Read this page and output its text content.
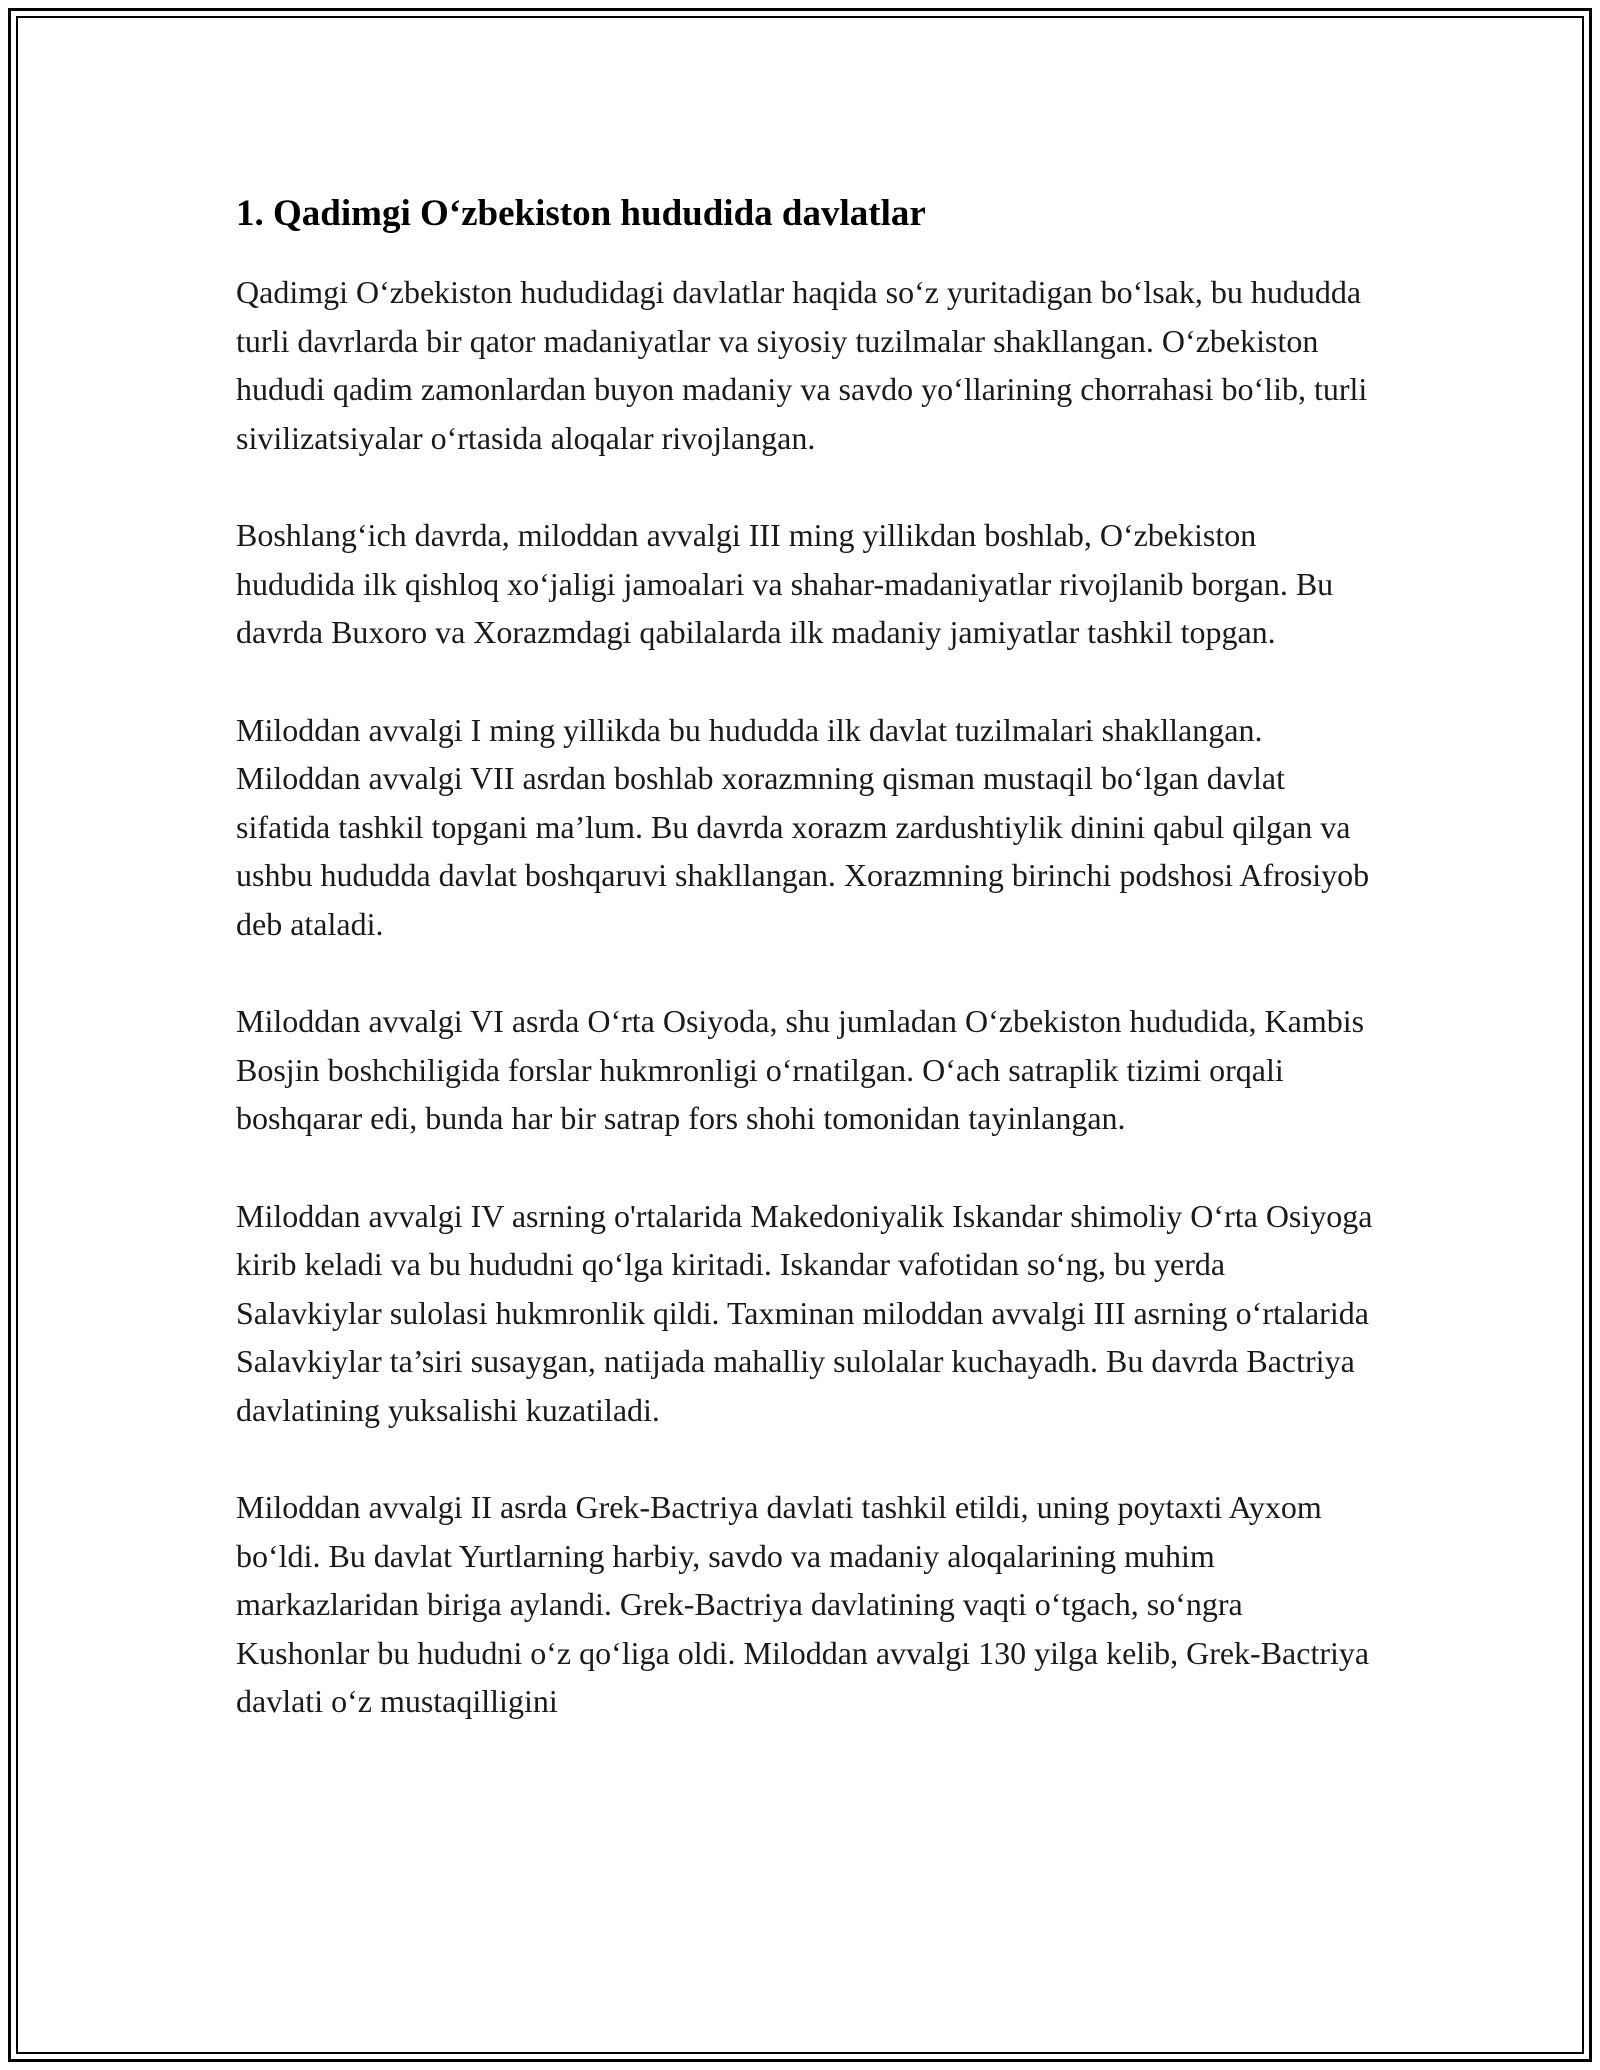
1. Qadimgi O‘zbekiston hududida davlatlar

Qadimgi O‘zbekiston hududidagi davlatlar haqida so‘z yuritadigan bo‘lsak, bu hududda turli davrlarda bir qator madaniyatlar va siyosiy tuzilmalar shakllangan. O‘zbekiston hududi qadim zamonlardan buyon madaniy va savdo yo‘llarining chorrahasi bo‘lib, turli sivilizatsiyalar o‘rtasida aloqalar rivojlangan.

Boshlang‘ich davrda, miloddan avvalgi III ming yillikdan boshlab, O‘zbekiston hududida ilk qishloq xo‘jaligi jamoalari va shahar-madaniyatlar rivojlanib borgan. Bu davrda Buxoro va Xorazmdagi qabilalarda ilk madaniy jamiyatlar tashkil topgan.

Miloddan avvalgi I ming yillikda bu hududda ilk davlat tuzilmalari shakllangan. Miloddan avvalgi VII asrdan boshlab xorazmning qisman mustaqil bo‘lgan davlat sifatida tashkil topgani ma’lum. Bu davrda xorazm zardushtiylik dinini qabul qilgan va ushbu hududda davlat boshqaruvi shakllangan. Xorazmning birinchi podshosi Afrosiyob deb ataladi.

Miloddan avvalgi VI asrda O‘rta Osiyoda, shu jumladan O‘zbekiston hududida, Kambis Bosjin boshchiligida forslar hukmronligi o‘rnatilgan. O‘ach satraplik tizimi orqali boshqarar edi, bunda har bir satrap fors shohi tomonidan tayinlangan.

Miloddan avvalgi IV asrning o'rtalarida Makedoniyalik Iskandar shimoliy O‘rta Osiyoga kirib keladi va bu hududni qo‘lga kiritadi. Iskandar vafotidan so‘ng, bu yerda Salavkiylar sulolasi hukmronlik qildi. Taxminan miloddan avvalgi III asrning o‘rtalarida Salavkiylar ta’siri susaygan, natijada mahalliy sulolalar kuchayadh. Bu davrda Bactriya davlatining yuksalishi kuzatiladi.

Miloddan avvalgi II asrda Grek-Bactriya davlati tashkil etildi, uning poytaxti Ayxom bo‘ldi. Bu davlat Yurtlarning harbiy, savdo va madaniy aloqalarining muhim markazlaridan biriga aylandi. Grek-Bactriya davlatining vaqti o‘tgach, so‘ngra Kushonlar bu hududni o‘z qo‘liga oldi. Miloddan avvalgi 130 yilga kelib, Grek-Bactriya davlati o‘z mustaqilligini
